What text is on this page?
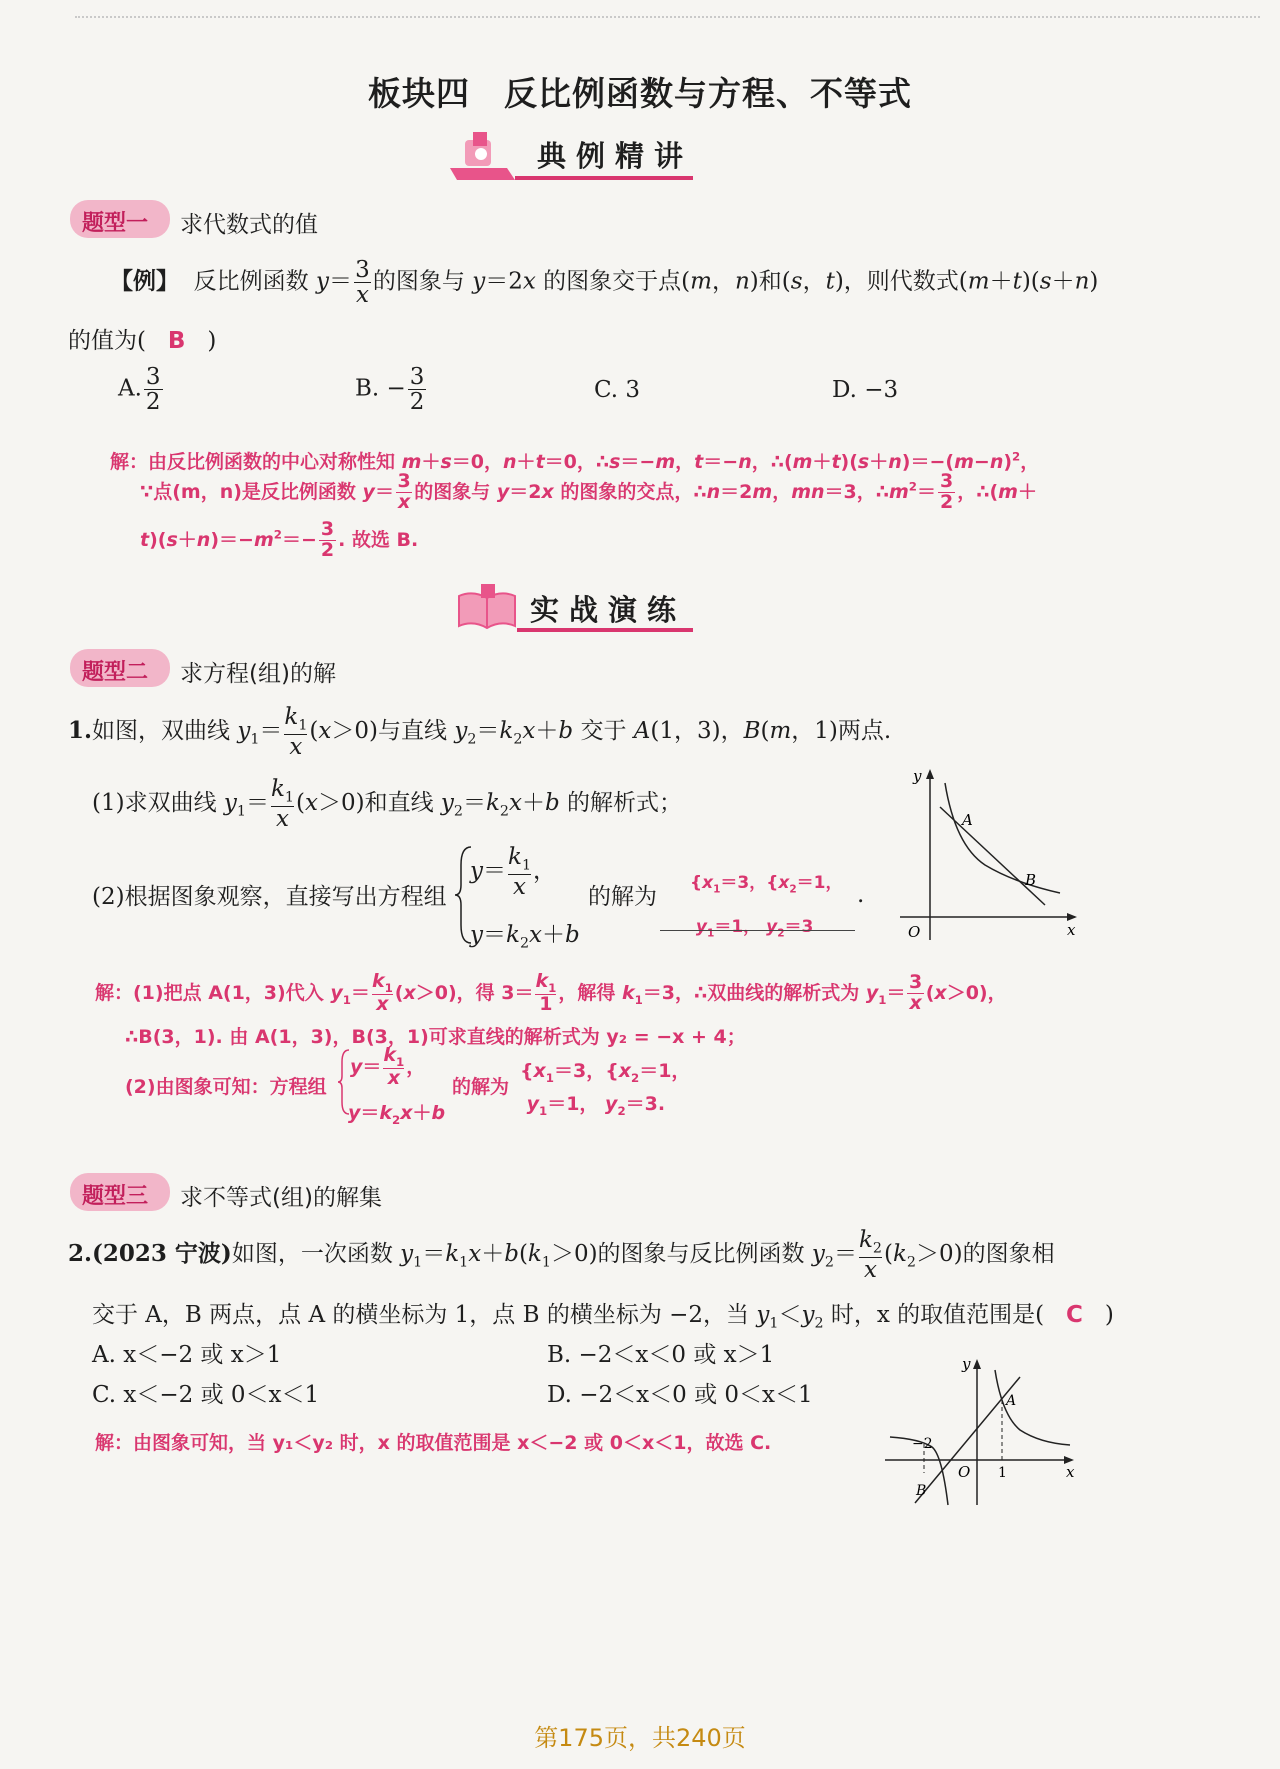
板块四　反比例函数与方程、不等式
典例精讲
题型一 求代数式的值
【例】 反比例函数 $y= \frac{3}{x}$ 的图象与 y＝2x 的图象交于点(m，n)和(s，t)，则代数式(m＋t)(s＋n)
的值为( B )
A. $\frac{3}{2}$	B. − $\frac{3}{2}$	C. 3	D. −3
解：由反比例函数的中心对称性知 m＋s＝0，n＋t＝0，∴s＝−m，t＝−n，$\therefore(m+t)(s+n)=-(m-n)^2$，
∵点(m，n)是反比例函数 $y= \frac{3}{x}$ 的图象与 y＝2x 的图象的交点，∴n＝2m，mn＝3，$\therefore m^2= \frac{3}{2}$ ，∴(m＋
$t)(s+n)=-m^2=- \frac{3}{2}$ . 故选 B.
实战演练
题型二 求方程(组)的解
1.如图，双曲线 $y_1= \frac{k_1}{x} (x>0)$与直线 $y_2=k_2x+b$ 交于 A(1，3)，B(m，1)两点.
(1)求双曲线 $y_1= \frac{k_1}{x} (x>0)$和直线 $y_2=k_2x+b$ 的解析式；
(2)根据图象观察，直接写出方程组
$y= \frac{k_1}{x}$ ，
$y=k_2x+b$
的解为
{$x_1=3$，{$x_2=1$，
$y_1=1$， $y_2=3$
.
y
x
O
A
B
解：(1)把点 A(1，3)代入 $y_1= \frac{k_1}{x} (x>0)$，得 $3= \frac{k_1}{1}$ ，解得 $k_1=3$，∴双曲线的解析式为 $y_1= \frac{3}{x} (x>0)$，
∴B(3，1). 由 A(1，3)，B(3，1)可求直线的解析式为 y₂ = −x + 4；
(2)由图象可知：方程组
$y= \frac{k_1}{x}$ ，
$y=k_2x+b$
的解为
{$x_1=3$，{$x_2=1$，
$y_1=1$， $y_2=3$.
题型三 求不等式(组)的解集
2.(2023 宁波)如图，一次函数 $y_1=k_1x+b(k_1>0)$的图象与反比例函数 $y_2= \frac{k_2}{x} (k_2>0)$的图象相
交于 A，B 两点，点 A 的横坐标为 1，点 B 的横坐标为 −2，当 $y_1<y_2$ 时，x 的取值范围是( C )
A. x＜−2 或 x＞1	B. −2＜x＜0 或 x＞1
C. x＜−2 或 0＜x＜1	D. −2＜x＜0 或 0＜x＜1
解：由图象可知，当 y₁＜y₂ 时，x 的取值范围是 x＜−2 或 0＜x＜1，故选 C.
y
x
O
A
B
−2
1
第175页，共240页
